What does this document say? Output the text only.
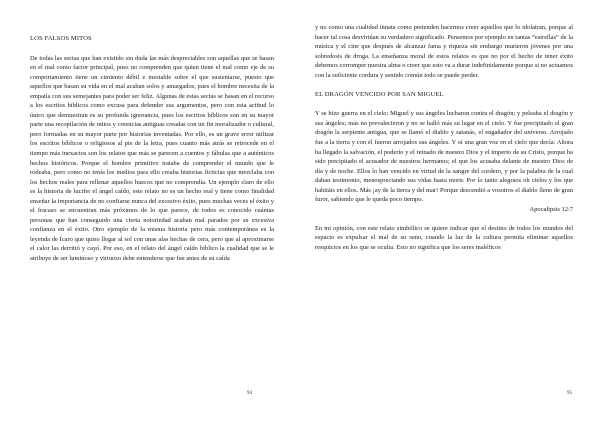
LOS FALSOS MITOS

De todas las sectas que han existido sin duda las más despreciables son aquellas que se basan en el mal como factor principal, pues no comprenden que quien tiene el mal como eje de su comportamiento tiene un cimiento débil e inestable sobre el que sustentarse, puesto que aquellos que basan su vida en el mal acaban solos y amargados, pues el hombre necesita de la empatía con sus semejantes para poder ser feliz. Algunas de estas sectas se basan en el recurso a los escritos bíblicos como excusa para defender sus argumentos, pero con esta actitud lo único que demuestran es su profunda ignorancia, pues los escritos bíblicos son en su mayor parte una recopilación de mitos y creencias antiguas creadas con un fin moralizador o cultural, pero formadas en su mayor parte por historias inventadas. Por ello, es un grave error utilizar los escritos bíblicos o religiosos al pie de la letra, pues cuanto más atrás se retrocede en el tiempo más inexactos son los relatos que más se parecen a cuentos y fábulas que a auténticos hechos históricos. Porque el hombre primitivo trataba de comprender el mundo que le rodeaba, pero como no tenía los medios para ello creaba historias ficticias que mezclaba con los hechos reales para rellenar aquellos huecos que no comprendía. Un ejemplo claro de ello es la historia de lucifer el ángel caído, este relato no es un hecho real y tiene como finalidad enseñar la importancia de no confiarse nunca del excesivo éxito, pues muchas veces el éxito y el fracaso se encuentran más próximos de lo que parece, de todos es conocido cuántas personas que han conseguido una cierta notoriedad acaban mal parados por su excesiva confianza en el éxito. Otro ejemplo de la misma historia pero más contemporánea es la leyenda de Ícaro que quiso llegar al sol con unas alas hechas de cera, pero que al aproximarse el calor las derritió y cayó. Por eso, en el relato del ángel caído bíblico la cualidad que se le atribuye de ser luminoso y virtuoso debe entenderse que fue antes de su caída

94

y no como una cualidad innata como pretenden hacernos creer aquellos que lo idolatran, porque al hacer tal cosa desvirtúan su verdadero significado. Pensemos por ejemplo en tantas “estrellas” de la música y el cine que después de alcanzar fama y riqueza sin embargo murieron jóvenes por una sobredosis de droga. La enseñanza moral de estos relatos es que no por el hecho de tener éxito debemos corromper nuestra alma o creer que esto va a durar indefinidamente porque si no actuamos con la suficiente cordura y sentido común todo se puede perder.

EL DRAGÓN VENCIDO POR SAN MIGUEL

Y se hizo guerra en el cielo: Miguel y sus ángeles lucharon contra el dragón; y peleaba el dragón y sus ángeles; más no prevalecieron y no se halló más su lugar en el cielo. Y fue precipitado el gran dragón la serpiente antigua, que se llamó el diablo y satanás, el engañador del universo. Arrojado fue a la tierra y con él fueron arrojados sus ángeles. Y oí una gran voz en el cielo que decía: Ahora ha llegado la salvación, el poderío y el reinado de nuestro Dios y el imperio de su Cristo, porque ha sido precipitado el acusador de nuestros hermanos; el que los acusaba delante de nuestro Dios de día y de noche. Ellos lo han vencido en virtud de la sangre del cordero, y por la palabra de la cual daban testimonio, menospreciando sus vidas hasta morir. Por lo tanto alegraos oh cielos y los que habitáis en ellos. Más ¡ay de la tierra y del mar! Porque descendió a vosotros el diablo lleno de gran furor, sabiendo que le queda poco tiempo.

Apocalipsis 12:7

En mi opinión, con este relato simbólico se quiere indicar que el destino de todos los mundos del espacio es expulsar el mal de su seno, cuando la luz de la cultura permita eliminar aquellos resquicios en los que se oculta. Esto no significa que los seres maléficos

95
